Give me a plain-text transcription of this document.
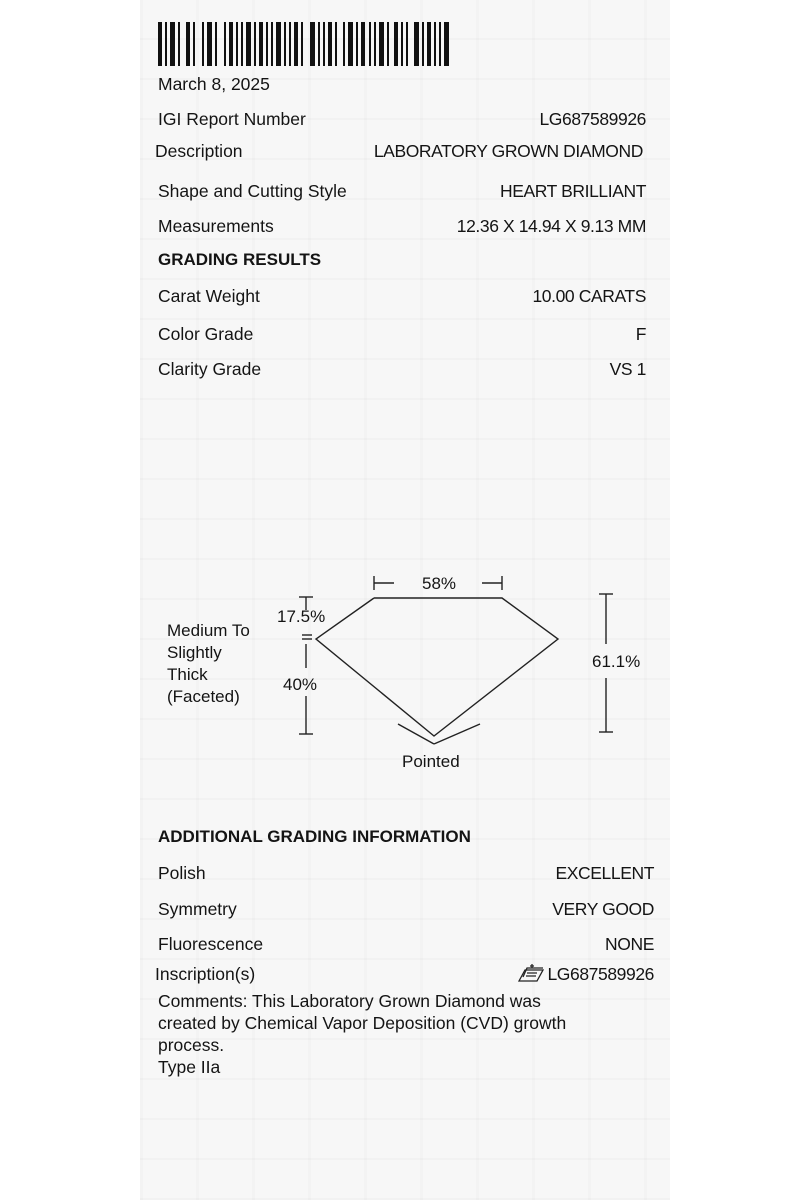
March 8, 2025
IGI Report Number	LG687589926
Description	LABORATORY GROWN DIAMOND
Shape and Cutting Style	HEART BRILLIANT
Measurements	12.36 X 14.94 X 9.13 MM
GRADING RESULTS
Carat Weight	10.00 CARATS
Color Grade	F
Clarity Grade	VS 1
58%
17.5%
40%
61.1%
Pointed
Medium To
Slightly
Thick
(Faceted)
ADDITIONAL GRADING INFORMATION
Polish	EXCELLENT
Symmetry	VERY GOOD
Fluorescence	NONE
Inscription(s)	LG687589926
Comments: This Laboratory Grown Diamond was
created by Chemical Vapor Deposition (CVD) growth
process.
Type IIa
